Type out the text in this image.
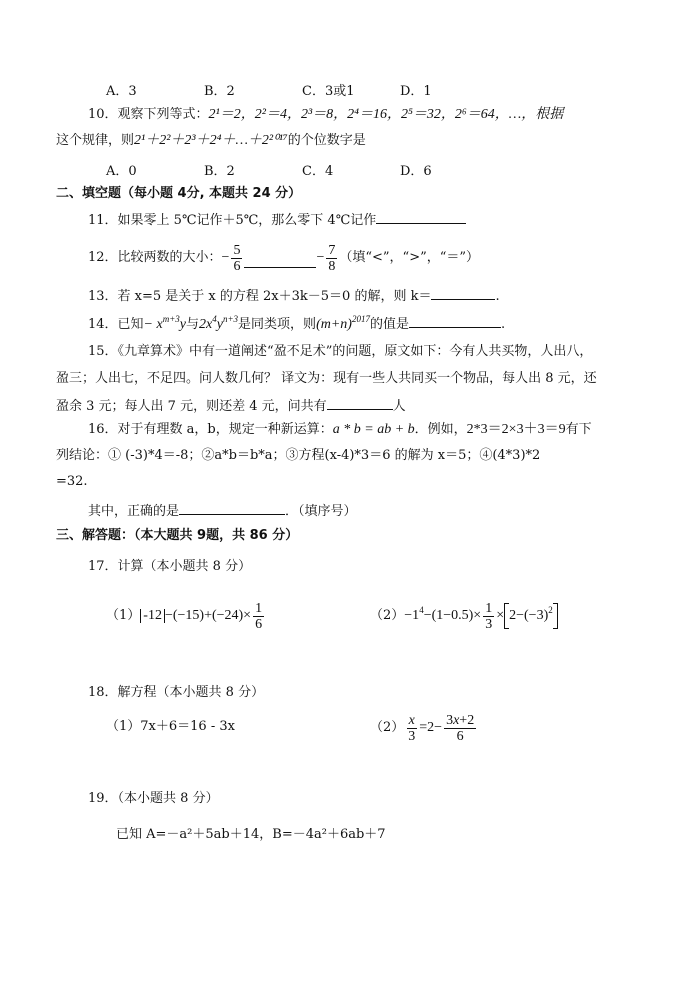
A．3	B．2	C．3或1	D．1
10．观察下列等式：2¹＝2，2²＝4，2³＝8，2⁴＝16，2⁵＝32，2⁶＝64，…，根据
这个规律，则2¹＋2²＋2³＋2⁴＋…＋2²⁰¹⁷的个位数字是
A．0	B．2	C．4	D．6
二、填空题（每小题 4分, 本题共 24 分）
11．如果零上 5℃记作＋5℃，那么零下 4℃记作
12．比较两数的大小： − $\frac{5}{6}$	− $\frac{7}{8}$ （填“<”，“>”，“＝”）
13．若 x=5 是关于 x 的方程 2x＋3k－5＝0 的解，则 k＝	.
14．已知− $x^{m+3}y$与$2x^4y^{n+3}$是同类项，则$(m+n)^{2017}$的值是	.
15．《九章算术》中有一道阐述“盈不足术”的问题，原文如下：今有人共买物，人出八，
盈三；人出七，不足四。问人数几何？ 译文为：现有一些人共同买一个物品，每人出 8 元，还
盈余 3 元；每人出 7 元，则还差 4 元，问共有	人
16．对于有理数 a，b，规定一种新运算：a * b = ab + b．例如，2*3＝2×3＋3＝9有下
列结论：① (-3)*4＝-8；②a*b＝b*a；③方程(x-4)*3＝6 的解为 x＝5；④(4*3)*2
=32.
其中，正确的是	．（填序号）
三、解答题：（本大题共 9题，共 86 分）
17．计算（本小题共 8 分）
（1） $-12 -(-15)+(-24)\times \frac{1}{6}$	$(2) -1^4-(1-0.5)\times \frac{1}{3} \times 2-(-3)^2$
18．解方程（本小题共 8 分）
（1）7x＋6＝16 - 3x	$(2) \frac{x}{3} =2- \frac{3x+2}{6}$
19．（本小题共 8 分）
已知 A=－a²＋5ab＋14，B=－4a²＋6ab＋7
